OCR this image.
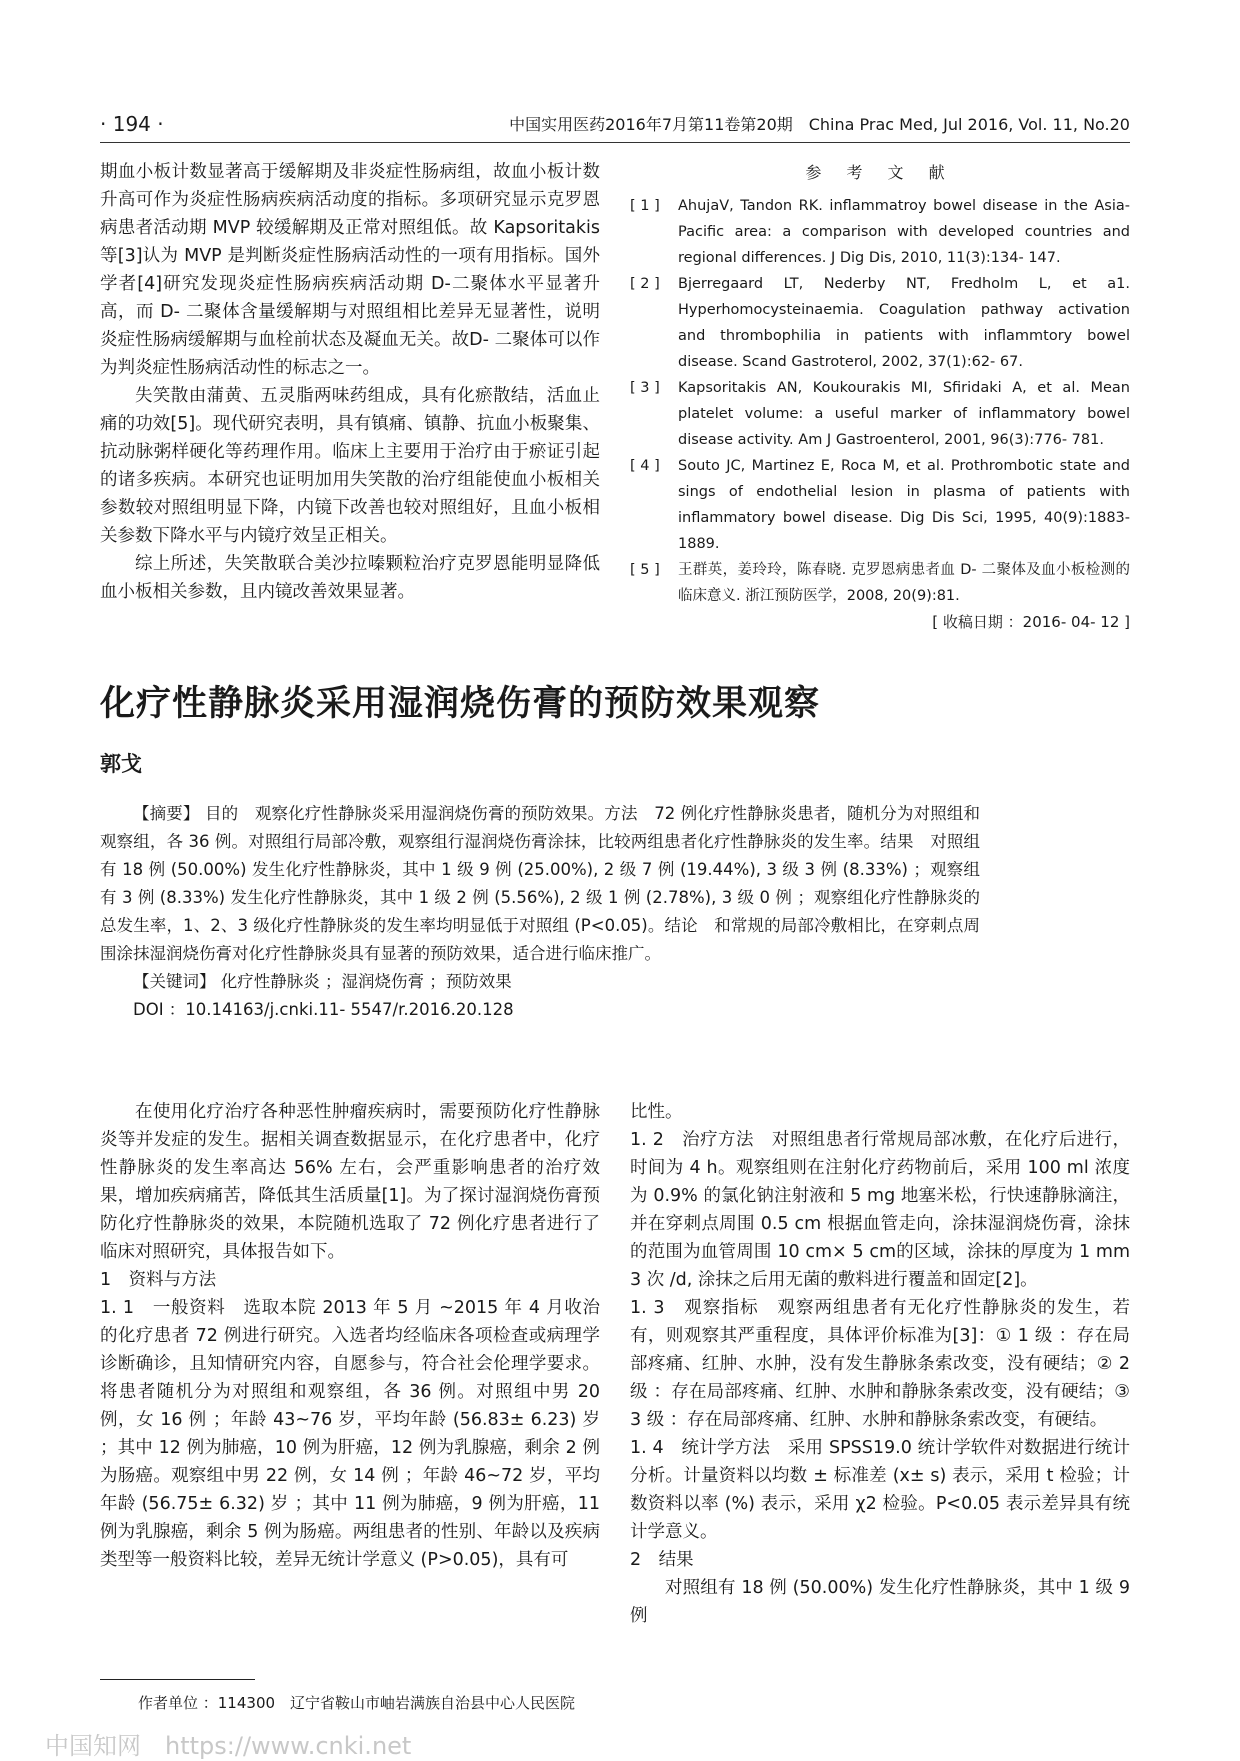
· 194 ·	中国实用医药2016年7月第11卷第20期　China Prac Med, Jul 2016, Vol. 11, No.20

期血小板计数显著高于缓解期及非炎症性肠病组，故血小板计数升高可作为炎症性肠病疾病活动度的指标。多项研究显示克罗恩病患者活动期 MVP 较缓解期及正常对照组低。故 Kapsoritakis 等[3]认为 MVP 是判断炎症性肠病活动性的一项有用指标。国外学者[4]研究发现炎症性肠病疾病活动期 D-二聚体水平显著升高，而 D- 二聚体含量缓解期与对照组相比差异无显著性，说明炎症性肠病缓解期与血栓前状态及凝血无关。故D- 二聚体可以作为判炎症性肠病活动性的标志之一。

失笑散由蒲黄、五灵脂两味药组成，具有化瘀散结，活血止痛的功效[5]。现代研究表明，具有镇痛、镇静、抗血小板聚集、抗动脉粥样硬化等药理作用。临床上主要用于治疗由于瘀证引起的诸多疾病。本研究也证明加用失笑散的治疗组能使血小板相关参数较对照组明显下降，内镜下改善也较对照组好，且血小板相关参数下降水平与内镜疗效呈正相关。

综上所述，失笑散联合美沙拉嗪颗粒治疗克罗恩能明显降低血小板相关参数，且内镜改善效果显著。

参 考 文 献
[ 1 ]	AhujaV, Tandon RK. inflammatroy bowel disease in the Asia-Pacific area: a comparison with developed countries and regional differences. J Dig Dis, 2010, 11(3):134- 147.
[ 2 ]	Bjerregaard LT, Nederby NT, Fredholm L, et a1. Hyperhomocysteinaemia. Coagulation pathway activation and thrombophilia in patients with inflammtory bowel disease. Scand Gastroterol, 2002, 37(1):62- 67.
[ 3 ]	Kapsoritakis AN, Koukourakis MI, Sfiridaki A, et al. Mean platelet volume: a useful marker of inflammatory bowel disease activity. Am J Gastroenterol, 2001, 96(3):776- 781.
[ 4 ]	Souto JC, Martinez E, Roca M, et al. Prothrombotic state and sings of endothelial lesion in plasma of patients with inflammatory bowel disease. Dig Dis Sci, 1995, 40(9):1883- 1889.
[ 5 ]	王群英，姜玲玲，陈春晓. 克罗恩病患者血 D- 二聚体及血小板检测的临床意义. 浙江预防医学，2008, 20(9):81.
[ 收稿日期 ：2016- 04- 12 ]
化疗性静脉炎采用湿润烧伤膏的预防效果观察
郭戈

【摘要】 目的　观察化疗性静脉炎采用湿润烧伤膏的预防效果。方法　72 例化疗性静脉炎患者，随机分为对照组和观察组，各 36 例。对照组行局部冷敷，观察组行湿润烧伤膏涂抹，比较两组患者化疗性静脉炎的发生率。结果　对照组有 18 例 (50.00%) 发生化疗性静脉炎，其中 1 级 9 例 (25.00%), 2 级 7 例 (19.44%), 3 级 3 例 (8.33%) ；观察组有 3 例 (8.33%) 发生化疗性静脉炎，其中 1 级 2 例 (5.56%), 2 级 1 例 (2.78%), 3 级 0 例 ；观察组化疗性静脉炎的总发生率，1、2、3 级化疗性静脉炎的发生率均明显低于对照组 (P<0.05)。结论　和常规的局部冷敷相比，在穿刺点周围涂抹湿润烧伤膏对化疗性静脉炎具有显著的预防效果，适合进行临床推广。

【关键词】 化疗性静脉炎 ；湿润烧伤膏 ；预防效果

DOI ：10.14163/j.cnki.11- 5547/r.2016.20.128

在使用化疗治疗各种恶性肿瘤疾病时，需要预防化疗性静脉炎等并发症的发生。据相关调查数据显示，在化疗患者中，化疗性静脉炎的发生率高达 56% 左右，会严重影响患者的治疗效果，增加疾病痛苦，降低其生活质量[1]。为了探讨湿润烧伤膏预防化疗性静脉炎的效果，本院随机选取了 72 例化疗患者进行了临床对照研究，具体报告如下。

1　资料与方法

1. 1　一般资料　选取本院 2013 年 5 月 ~2015 年 4 月收治的化疗患者 72 例进行研究。入选者均经临床各项检查或病理学诊断确诊，且知情研究内容，自愿参与，符合社会伦理学要求。将患者随机分为对照组和观察组，各 36 例。对照组中男 20 例，女 16 例 ；年龄 43~76 岁，平均年龄 (56.83± 6.23) 岁 ；其中 12 例为肺癌，10 例为肝癌，12 例为乳腺癌，剩余 2 例为肠癌。观察组中男 22 例，女 14 例 ；年龄 46~72 岁，平均年龄 (56.75± 6.32) 岁 ；其中 11 例为肺癌，9 例为肝癌，11 例为乳腺癌，剩余 5 例为肠癌。两组患者的性别、年龄以及疾病类型等一般资料比较，差异无统计学意义 (P>0.05)，具有可

比性。

1. 2　治疗方法　对照组患者行常规局部冰敷，在化疗后进行，时间为 4 h。观察组则在注射化疗药物前后，采用 100 ml 浓度为 0.9% 的氯化钠注射液和 5 mg 地塞米松，行快速静脉滴注，并在穿刺点周围 0.5 cm 根据血管走向，涂抹湿润烧伤膏，涂抹的范围为血管周围 10 cm× 5 cm的区域，涂抹的厚度为 1 mm 3 次 /d, 涂抹之后用无菌的敷料进行覆盖和固定[2]。

1. 3　观察指标　观察两组患者有无化疗性静脉炎的发生，若有，则观察其严重程度，具体评价标准为[3]：① 1 级 ：存在局部疼痛、红肿、水肿，没有发生静脉条索改变，没有硬结；② 2 级 ：存在局部疼痛、红肿、水肿和静脉条索改变，没有硬结；③ 3 级 ：存在局部疼痛、红肿、水肿和静脉条索改变，有硬结。

1. 4　统计学方法　采用 SPSS19.0 统计学软件对数据进行统计分析。计量资料以均数 ± 标准差 (x± s) 表示，采用 t 检验；计数资料以率 (%) 表示，采用 χ2 检验。P<0.05 表示差异具有统计学意义。

2　结果

对照组有 18 例 (50.00%) 发生化疗性静脉炎，其中 1 级 9 例

作者单位 ：114300　辽宁省鞍山市岫岩满族自治县中心人民医院
中国知网　https://www.cnki.net
